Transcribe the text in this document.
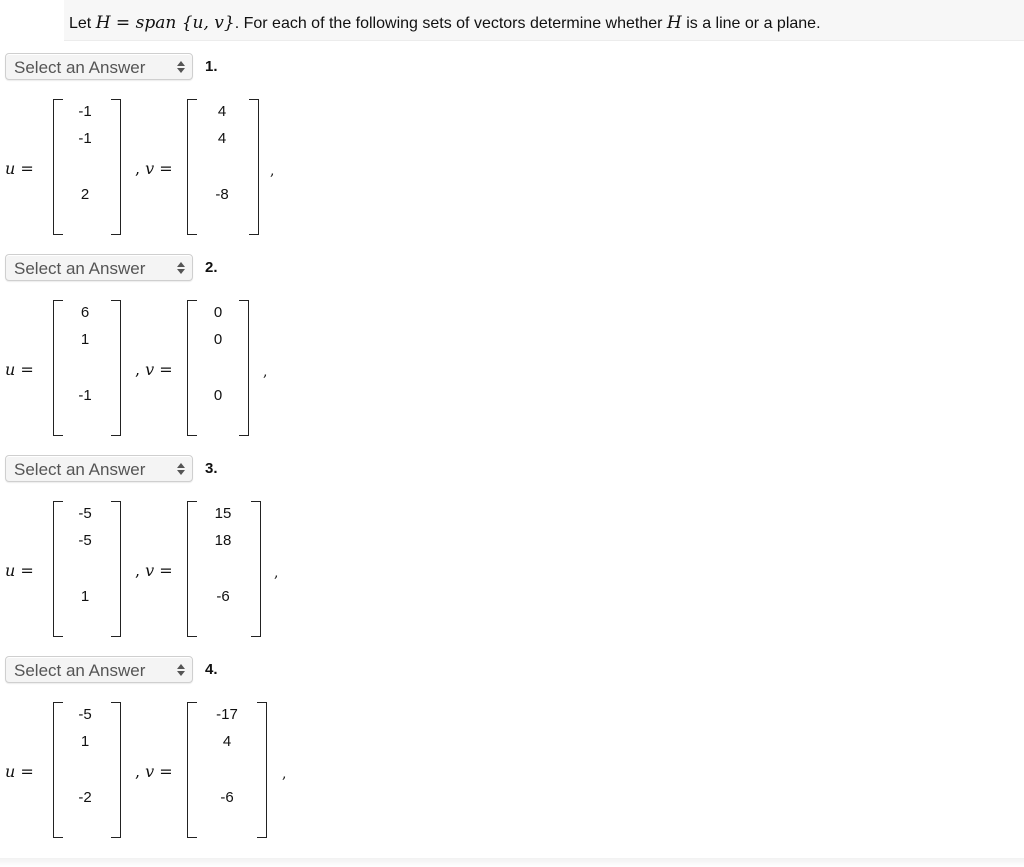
Let H = span {u, v}. For each of the following sets of vectors determine whether H is a line or a plane.
Select an Answer	1.
u =
-1
-1
2
, v =
4
4
-8
,
Select an Answer	2.
u =
6
1
-1
, v =
0
0
0
,
Select an Answer	3.
u =
-5
-5
1
, v =
15
18
-6
,
Select an Answer	4.
u =
-5
1
-2
, v =
-17
4
-6
,
